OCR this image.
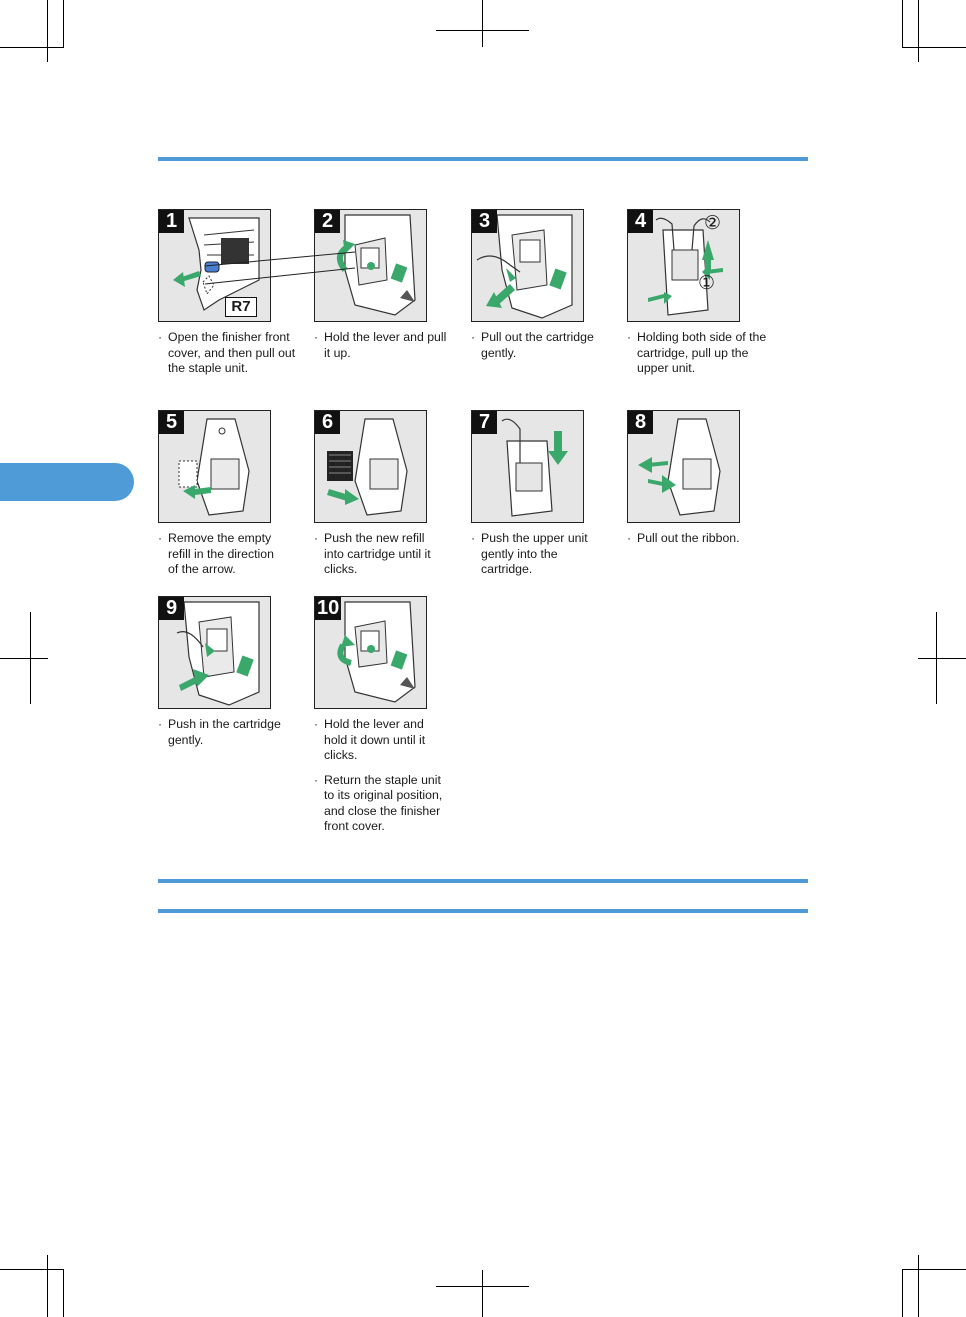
1
R7
2	3	4	②
①
5	6	7	8
9	10

· Open the finisher front cover, and then pull out the staple unit.

· Hold the lever and pull it up.

· Pull out the cartridge gently.

· Holding both side of the cartridge, pull up the upper unit.

· Remove the empty refill in the direction of the arrow.

· Push the new refill into cartridge until it clicks.

· Push the upper unit gently into the cartridge.

· Pull out the ribbon.

· Push in the cartridge gently.

· Hold the lever and hold it down until it clicks.

· Return the staple unit to its original position, and close the finisher front cover.
